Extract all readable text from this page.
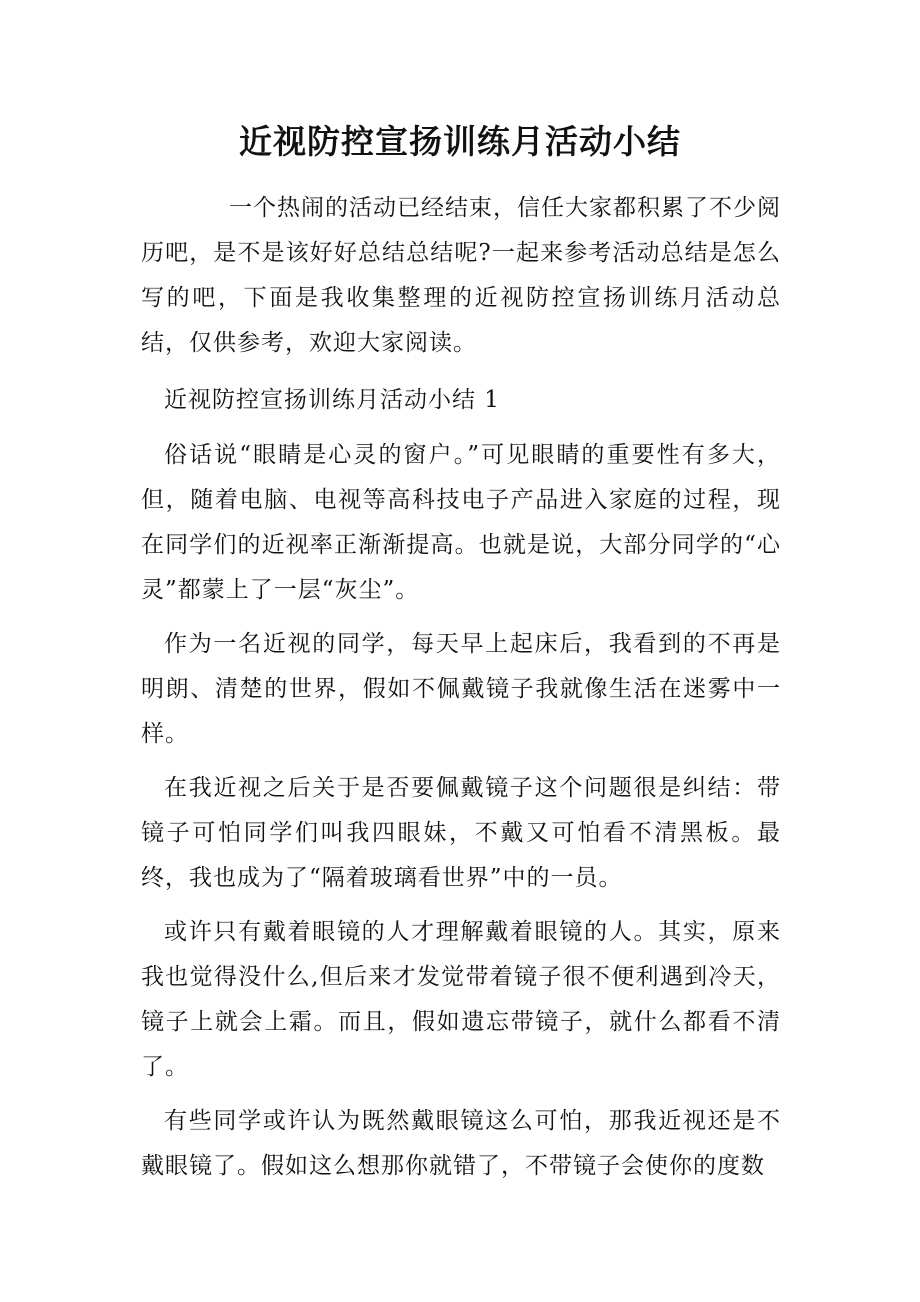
近视防控宣扬训练月活动小结

一个热闹的活动已经结束，信任大家都积累了不少阅历吧，是不是该好好总结总结呢?一起来参考活动总结是怎么写的吧，下面是我收集整理的近视防控宣扬训练月活动总结，仅供参考，欢迎大家阅读。

近视防控宣扬训练月活动小结 1

俗话说“眼睛是心灵的窗户。”可见眼睛的重要性有多大，但，随着电脑、电视等高科技电子产品进入家庭的过程，现在同学们的近视率正渐渐提高。也就是说，大部分同学的“心灵”都蒙上了一层“灰尘”。

作为一名近视的同学，每天早上起床后，我看到的不再是明朗、清楚的世界，假如不佩戴镜子我就像生活在迷雾中一样。

在我近视之后关于是否要佩戴镜子这个问题很是纠结：带镜子可怕同学们叫我四眼妹，不戴又可怕看不清黑板。最终，我也成为了“隔着玻璃看世界”中的一员。

或许只有戴着眼镜的人才理解戴着眼镜的人。其实，原来我也觉得没什么,但后来才发觉带着镜子很不便利遇到冷天，镜子上就会上霜。而且，假如遗忘带镜子，就什么都看不清了。

有些同学或许认为既然戴眼镜这么可怕，那我近视还是不戴眼镜了。假如这么想那你就错了，不带镜子会使你的度数
